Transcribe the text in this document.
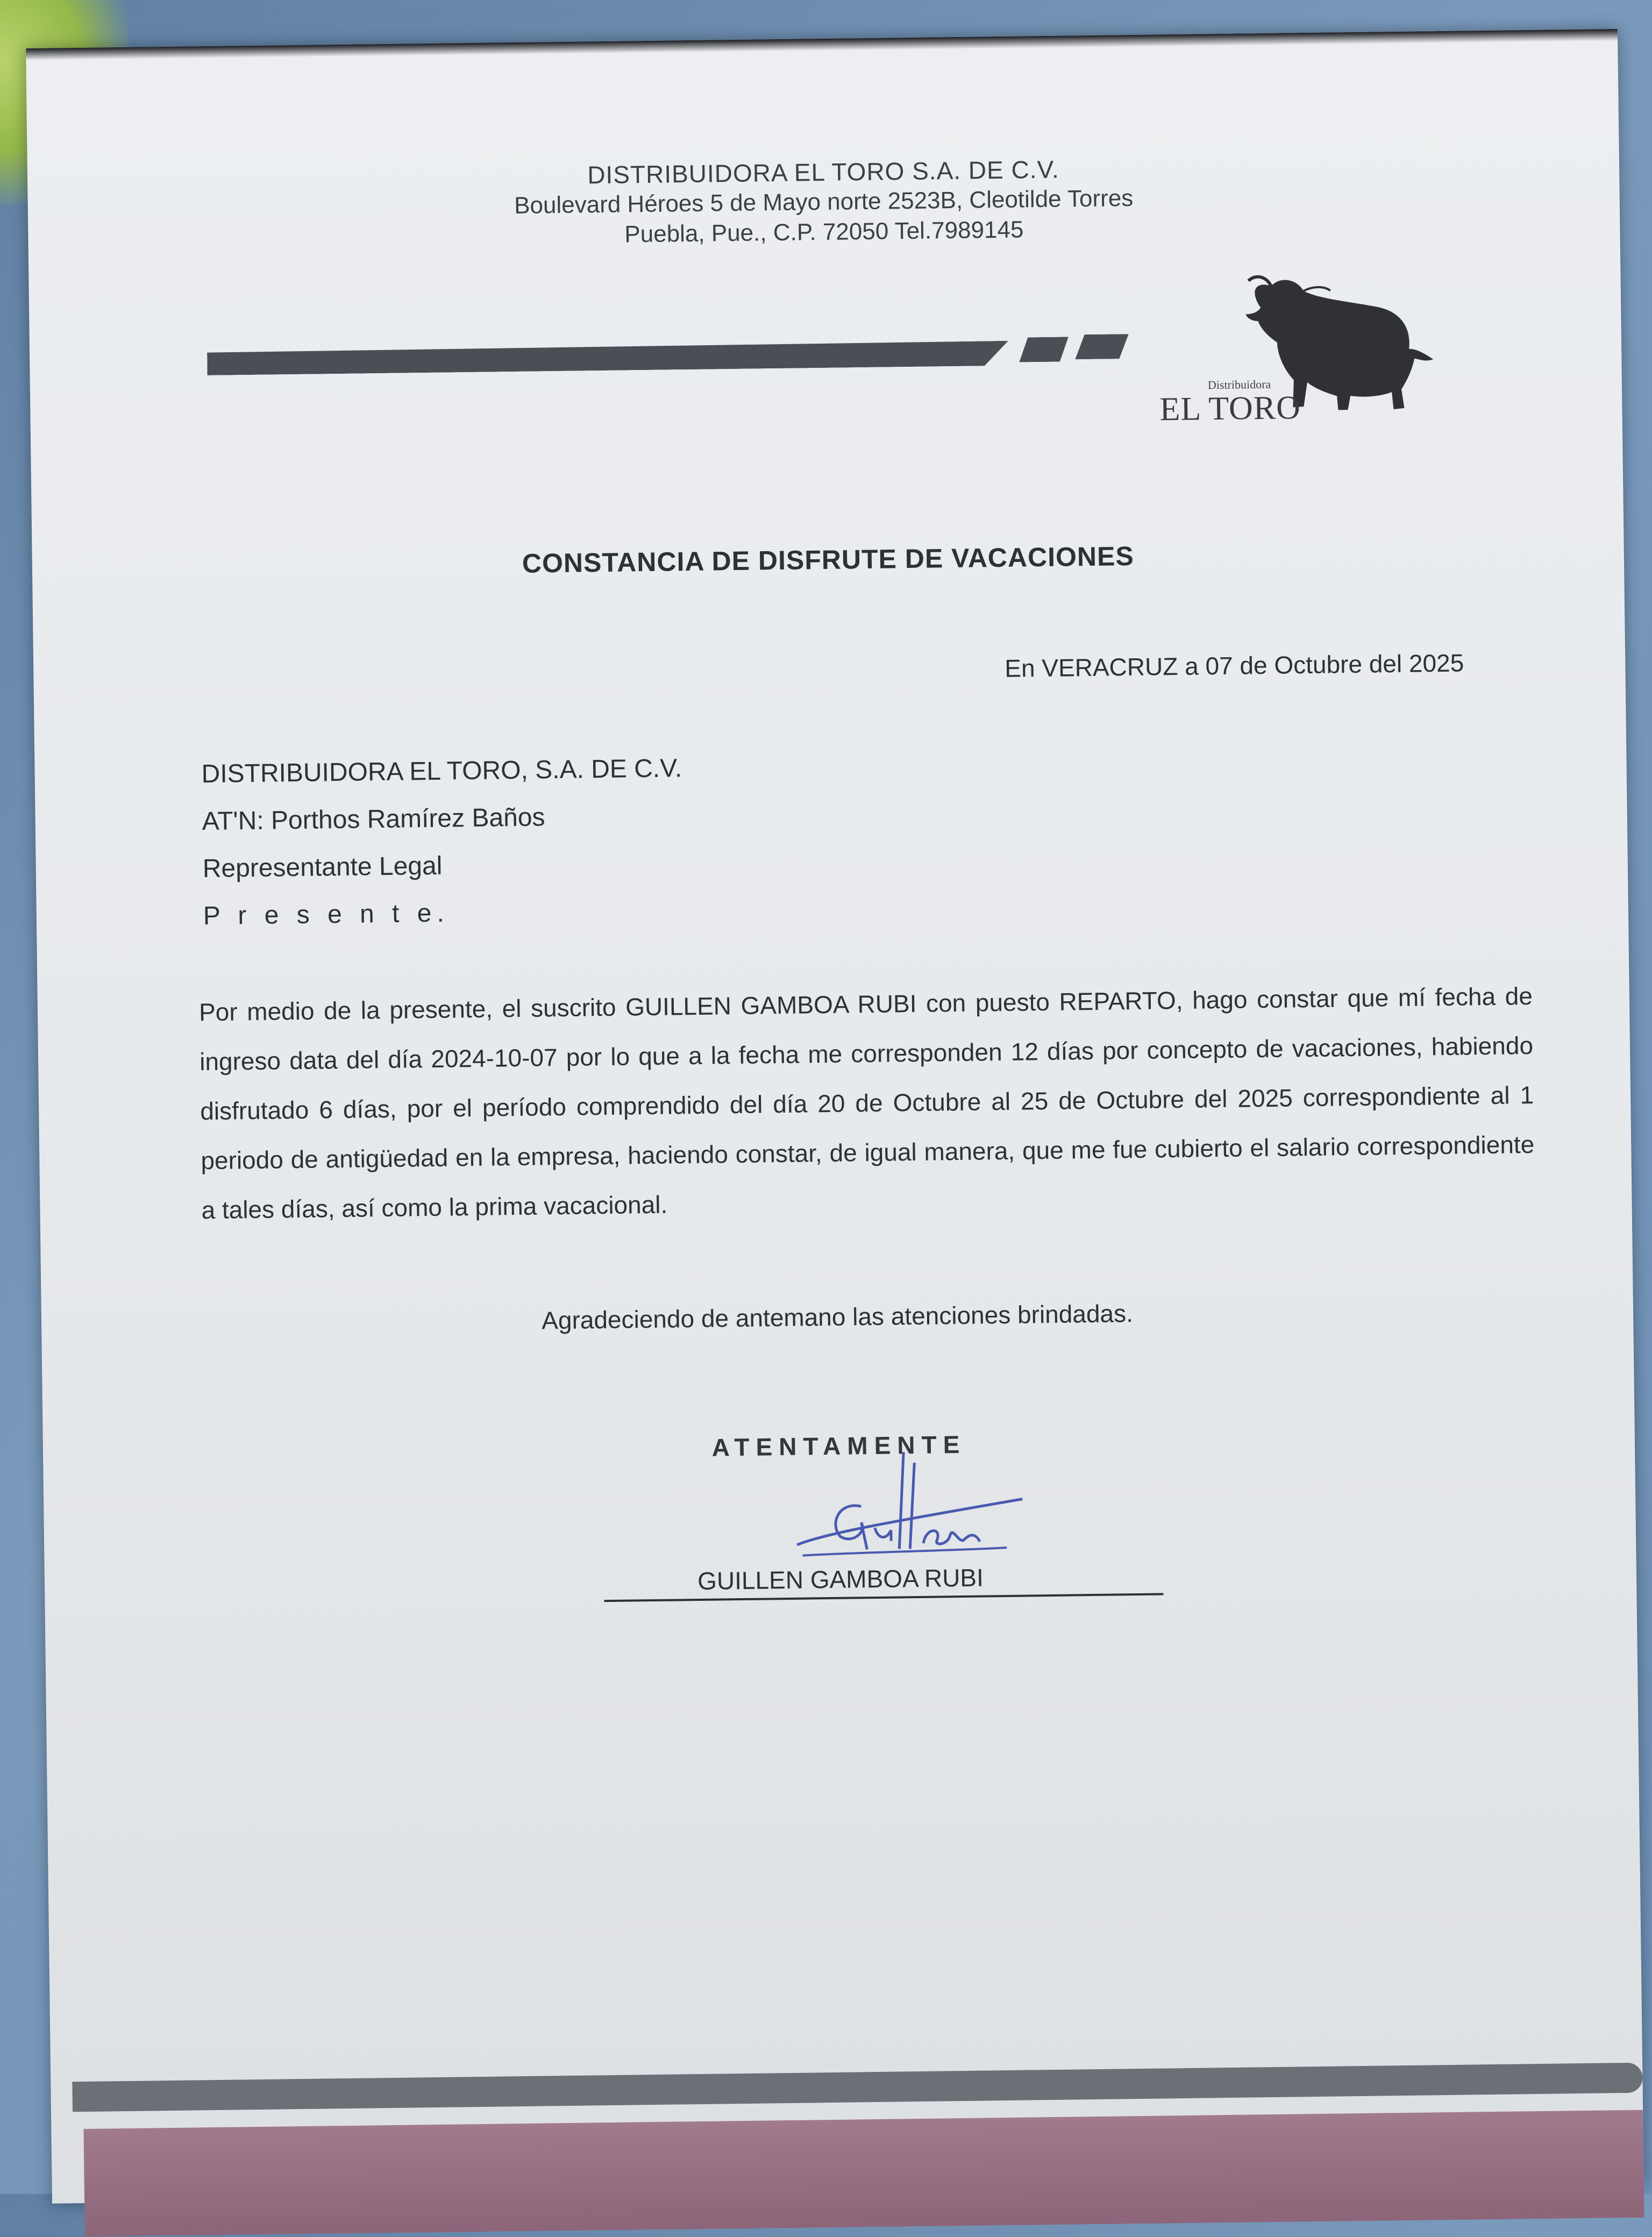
DISTRIBUIDORA EL TORO S.A. DE C.V.
Boulevard Héroes 5 de Mayo norte 2523B, Cleotilde Torres
Puebla, Pue., C.P. 72050 Tel.7989145
Distribuidora
EL TORO
CONSTANCIA DE DISFRUTE DE VACACIONES
En VERACRUZ a 07 de Octubre del 2025
DISTRIBUIDORA EL TORO, S.A. DE C.V.
AT'N: Porthos Ramírez Baños
Representante Legal
P r e s e n t e.
Por medio de la presente, el suscrito GUILLEN GAMBOA RUBI con puesto REPARTO, hago constar que mí fecha de ingreso data del día 2024-10-07 por lo que a la fecha me corresponden 12 días por concepto de vacaciones, habiendo disfrutado 6 días, por el período comprendido del día 20 de Octubre al 25 de Octubre del 2025 correspondiente al 1 periodo de antigüedad en la empresa, haciendo constar, de igual manera, que me fue cubierto el salario correspondiente a tales días, así como la prima vacacional.
Agradeciendo de antemano las atenciones brindadas.
ATENTAMENTE
GUILLEN GAMBOA RUBI
